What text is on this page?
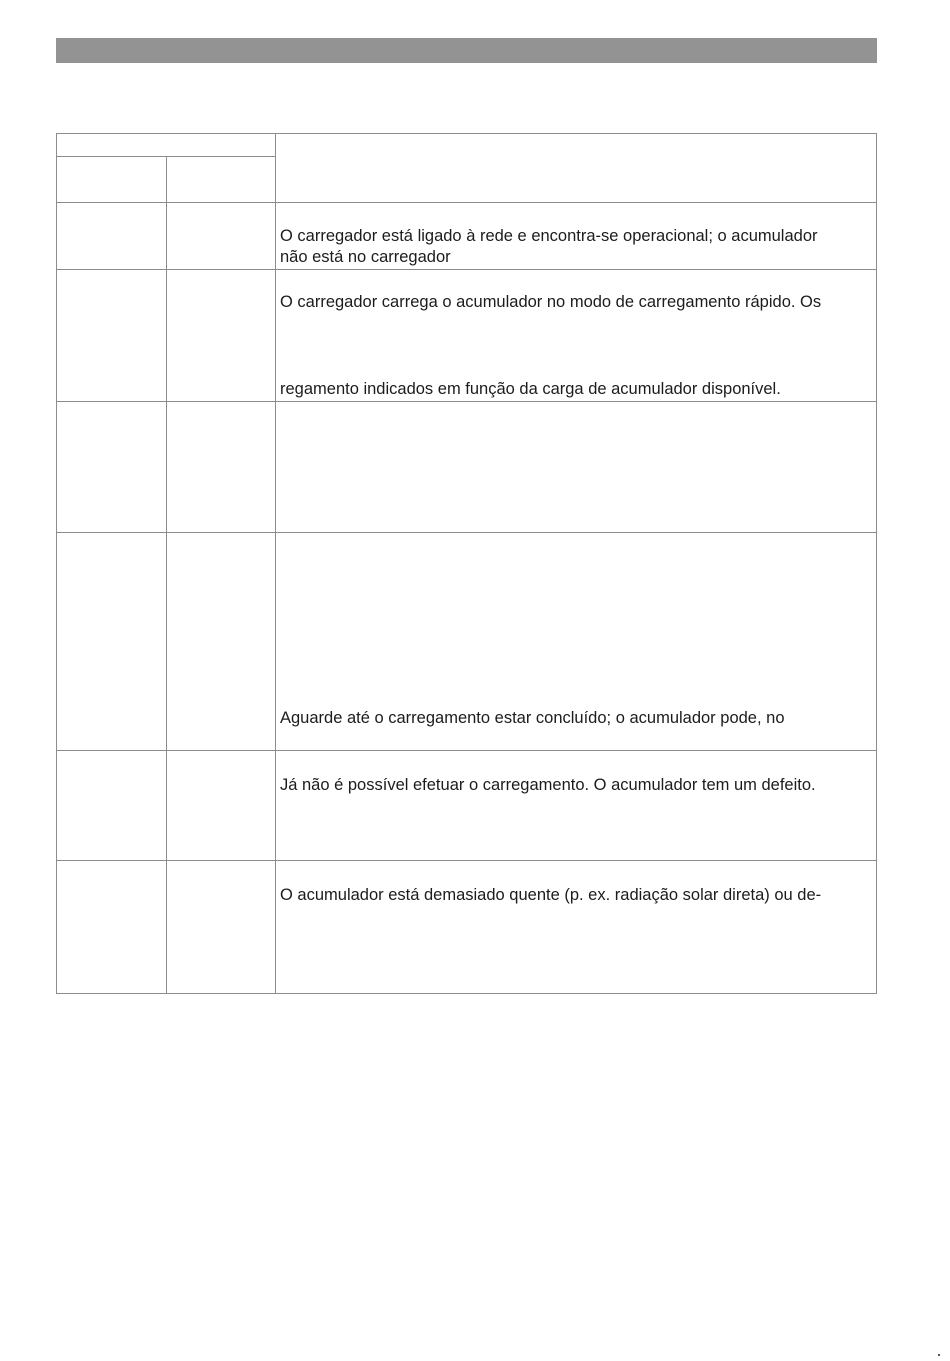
O carregador está ligado à rede e encontra-se operacional; o acumulador
não está no carregador
O carregador carrega o acumulador no modo de carregamento rápido. Os
regamento indicados em função da carga de acumulador disponível.
Aguarde até o carregamento estar concluído; o acumulador pode, no
Já não é possível efetuar o carregamento. O acumulador tem um defeito.
O acumulador está demasiado quente (p. ex. radiação solar direta) ou de-
